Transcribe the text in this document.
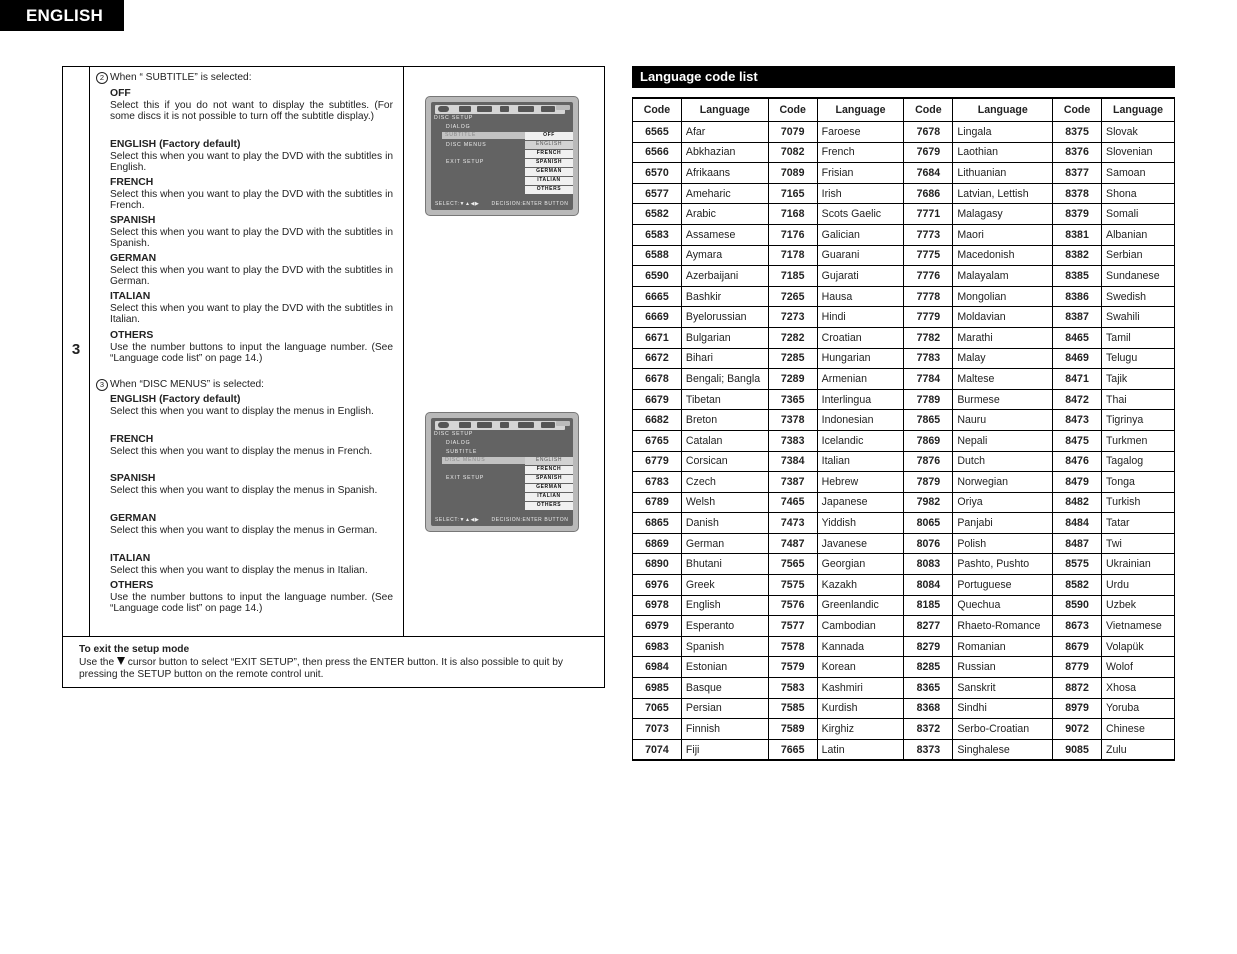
ENGLISH
3
2 When “ SUBTITLE” is selected:
OFF
Select this if you do not want to display the subtitles. (For some discs it is not possible to turn off the subtitle display.)
ENGLISH (Factory default)
Select this when you want to play the DVD with the subtitles in English.
FRENCH
Select this when you want to play the DVD with the subtitles in French.
SPANISH
Select this when you want to play the DVD with the subtitles in Spanish.
GERMAN
Select this when you want to play the DVD with the subtitles in German.
ITALIAN
Select this when you want to play the DVD with the subtitles in Italian.
OTHERS
Use the number buttons to input the language number. (See “Language code list” on page 14.)
3 When “DISC MENUS” is selected:
ENGLISH (Factory default)
Select this when you want to display the menus in English.
FRENCH
Select this when you want to display the menus in French.
SPANISH
Select this when you want to display the menus in Spanish.
GERMAN
Select this when you want to display the menus in German.
ITALIAN
Select this when you want to display the menus in Italian.
OTHERS
Use the number buttons to input the language number. (See “Language code list” on page 14.)
DISC SETUP
DIALOG
SUBTITLE
DISC MENUS
EXIT SETUP
OFF
ENGLISH
FRENCH
SPANISH
GERMAN
ITALIAN
OTHERS
SELECT:▼▲◀▶ DECISION:ENTER BUTTON
DISC SETUP
DIALOG
SUBTITLE
DISC MENUS
EXIT SETUP
ENGLISH
FRENCH
SPANISH
GERMAN
ITALIAN
OTHERS
SELECT:▼▲◀▶ DECISION:ENTER BUTTON
To exit the setup mode
Use the  cursor button to select “EXIT SETUP”, then press the ENTER button. It is also possible to quit by pressing the SETUP button on the remote control unit.
Language code list
Code	Language	Code	Language	Code	Language	Code	Language
6565	Afar	7079	Faroese	7678	Lingala	8375	Slovak
6566	Abkhazian	7082	French	7679	Laothian	8376	Slovenian
6570	Afrikaans	7089	Frisian	7684	Lithuanian	8377	Samoan
6577	Ameharic	7165	Irish	7686	Latvian, Lettish	8378	Shona
6582	Arabic	7168	Scots Gaelic	7771	Malagasy	8379	Somali
6583	Assamese	7176	Galician	7773	Maori	8381	Albanian
6588	Aymara	7178	Guarani	7775	Macedonish	8382	Serbian
6590	Azerbaijani	7185	Gujarati	7776	Malayalam	8385	Sundanese
6665	Bashkir	7265	Hausa	7778	Mongolian	8386	Swedish
6669	Byelorussian	7273	Hindi	7779	Moldavian	8387	Swahili
6671	Bulgarian	7282	Croatian	7782	Marathi	8465	Tamil
6672	Bihari	7285	Hungarian	7783	Malay	8469	Telugu
6678	Bengali; Bangla	7289	Armenian	7784	Maltese	8471	Tajik
6679	Tibetan	7365	Interlingua	7789	Burmese	8472	Thai
6682	Breton	7378	Indonesian	7865	Nauru	8473	Tigrinya
6765	Catalan	7383	Icelandic	7869	Nepali	8475	Turkmen
6779	Corsican	7384	Italian	7876	Dutch	8476	Tagalog
6783	Czech	7387	Hebrew	7879	Norwegian	8479	Tonga
6789	Welsh	7465	Japanese	7982	Oriya	8482	Turkish
6865	Danish	7473	Yiddish	8065	Panjabi	8484	Tatar
6869	German	7487	Javanese	8076	Polish	8487	Twi
6890	Bhutani	7565	Georgian	8083	Pashto, Pushto	8575	Ukrainian
6976	Greek	7575	Kazakh	8084	Portuguese	8582	Urdu
6978	English	7576	Greenlandic	8185	Quechua	8590	Uzbek
6979	Esperanto	7577	Cambodian	8277	Rhaeto-Romance	8673	Vietnamese
6983	Spanish	7578	Kannada	8279	Romanian	8679	Volapük
6984	Estonian	7579	Korean	8285	Russian	8779	Wolof
6985	Basque	7583	Kashmiri	8365	Sanskrit	8872	Xhosa
7065	Persian	7585	Kurdish	8368	Sindhi	8979	Yoruba
7073	Finnish	7589	Kirghiz	8372	Serbo-Croatian	9072	Chinese
7074	Fiji	7665	Latin	8373	Singhalese	9085	Zulu
